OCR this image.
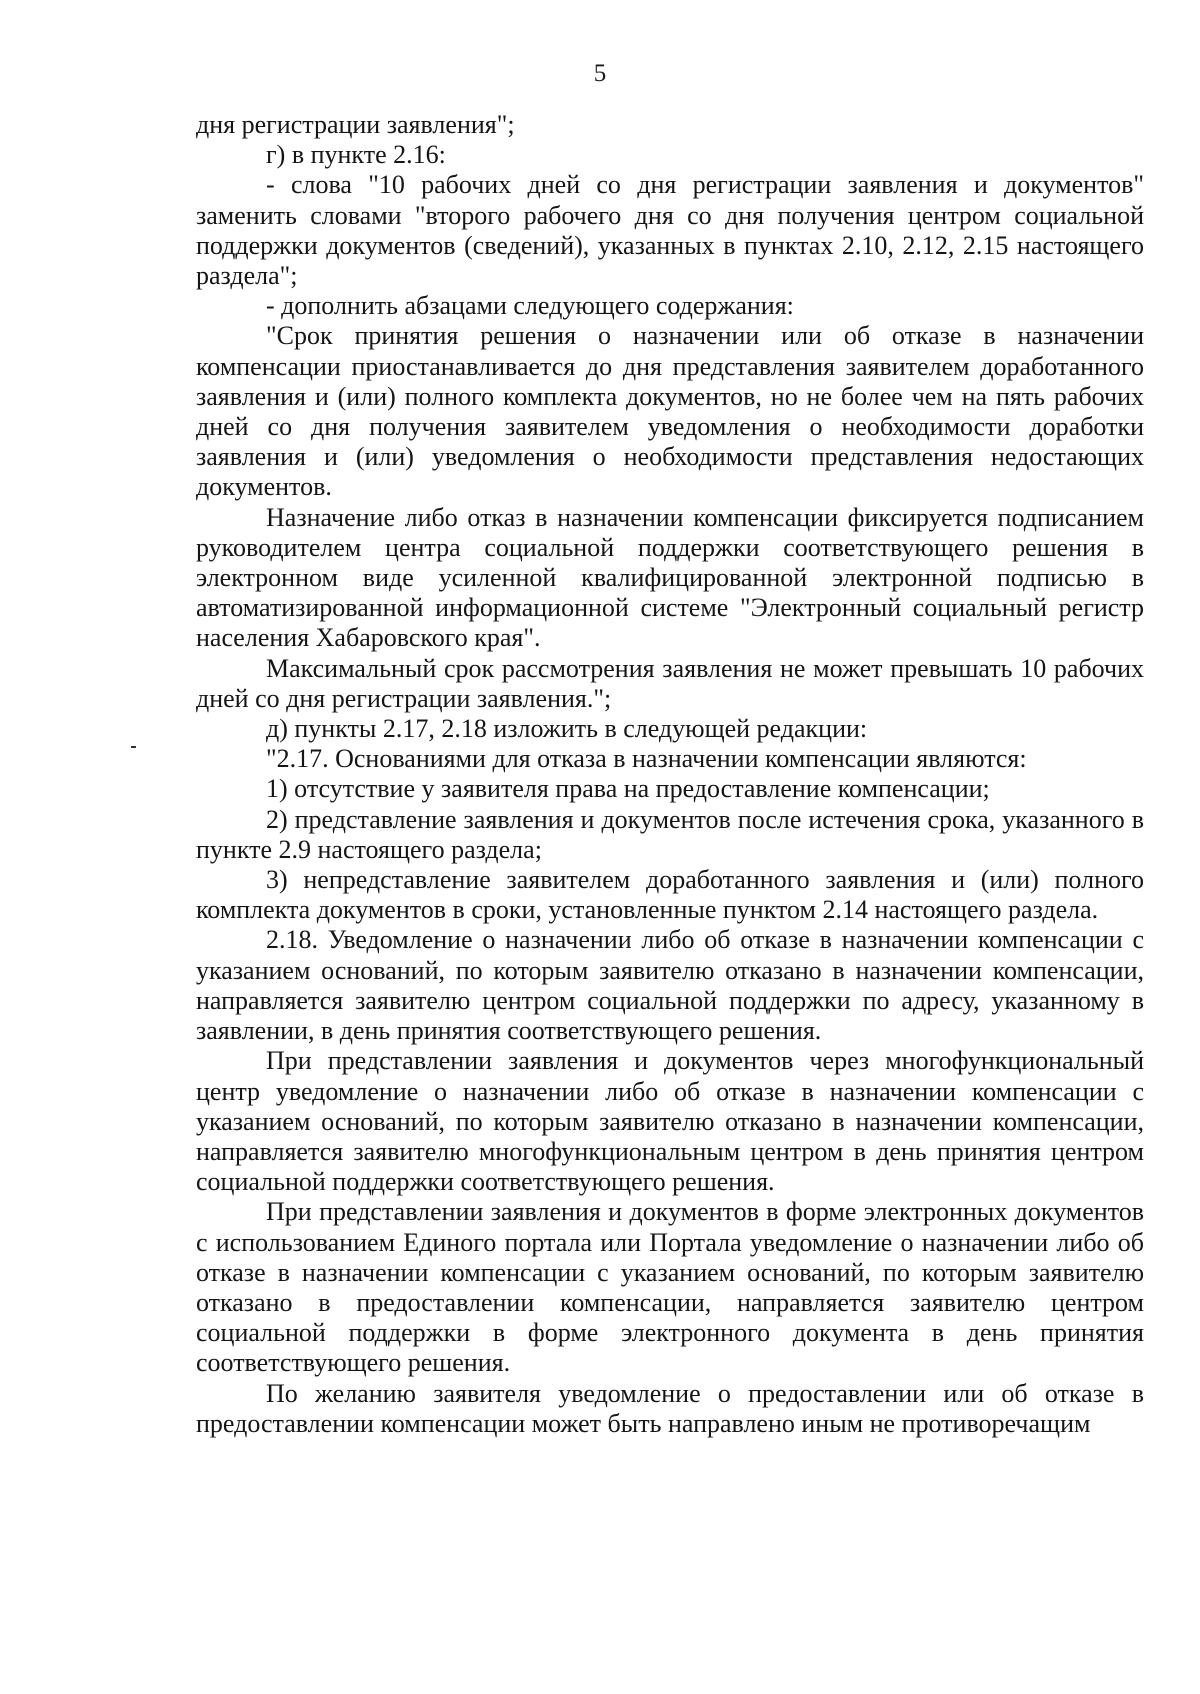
5

дня регистрации заявления";

г) в пункте 2.16:

- слова "10 рабочих дней со дня регистрации заявления и документов" заменить словами "второго рабочего дня со дня получения центром социальной поддержки документов (сведений), указанных в пунктах 2.10, 2.12, 2.15 настоящего раздела";

- дополнить абзацами следующего содержания:

"Срок принятия решения о назначении или об отказе в назначении компенсации приостанавливается до дня представления заявителем доработанного заявления и (или) полного комплекта документов, но не более чем на пять рабочих дней со дня получения заявителем уведомления о необходимости доработки заявления и (или) уведомления о необходимости представления недостающих документов.

Назначение либо отказ в назначении компенсации фиксируется подписанием руководителем центра социальной поддержки соответствующего решения в электронном виде усиленной квалифицированной электронной подписью в автоматизированной информационной системе "Электронный социальный регистр населения Хабаровского края".

Максимальный срок рассмотрения заявления не может превышать 10 рабочих дней со дня регистрации заявления.";

д) пункты 2.17, 2.18 изложить в следующей редакции:

"2.17. Основаниями для отказа в назначении компенсации являются:

1) отсутствие у заявителя права на предоставление компенсации;

2) представление заявления и документов после истечения срока, указанного в пункте 2.9 настоящего раздела;

3) непредставление заявителем доработанного заявления и (или) полного комплекта документов в сроки, установленные пунктом 2.14 настоящего раздела.

2.18. Уведомление о назначении либо об отказе в назначении компенсации с указанием оснований, по которым заявителю отказано в назначении компенсации, направляется заявителю центром социальной поддержки по адресу, указанному в заявлении, в день принятия соответствующего решения.

При представлении заявления и документов через многофункциональный центр уведомление о назначении либо об отказе в назначении компенсации с указанием оснований, по которым заявителю отказано в назначении компенсации, направляется заявителю многофункциональным центром в день принятия центром социальной поддержки соответствующего решения.

При представлении заявления и документов в форме электронных документов с использованием Единого портала или Портала уведомление о назначении либо об отказе в назначении компенсации с указанием оснований, по которым заявителю отказано в предоставлении компенсации, направляется заявителю центром социальной поддержки в форме электронного документа в день принятия соответствующего решения.

По желанию заявителя уведомление о предоставлении или об отказе в предоставлении компенсации может быть направлено иным не противоречащим
